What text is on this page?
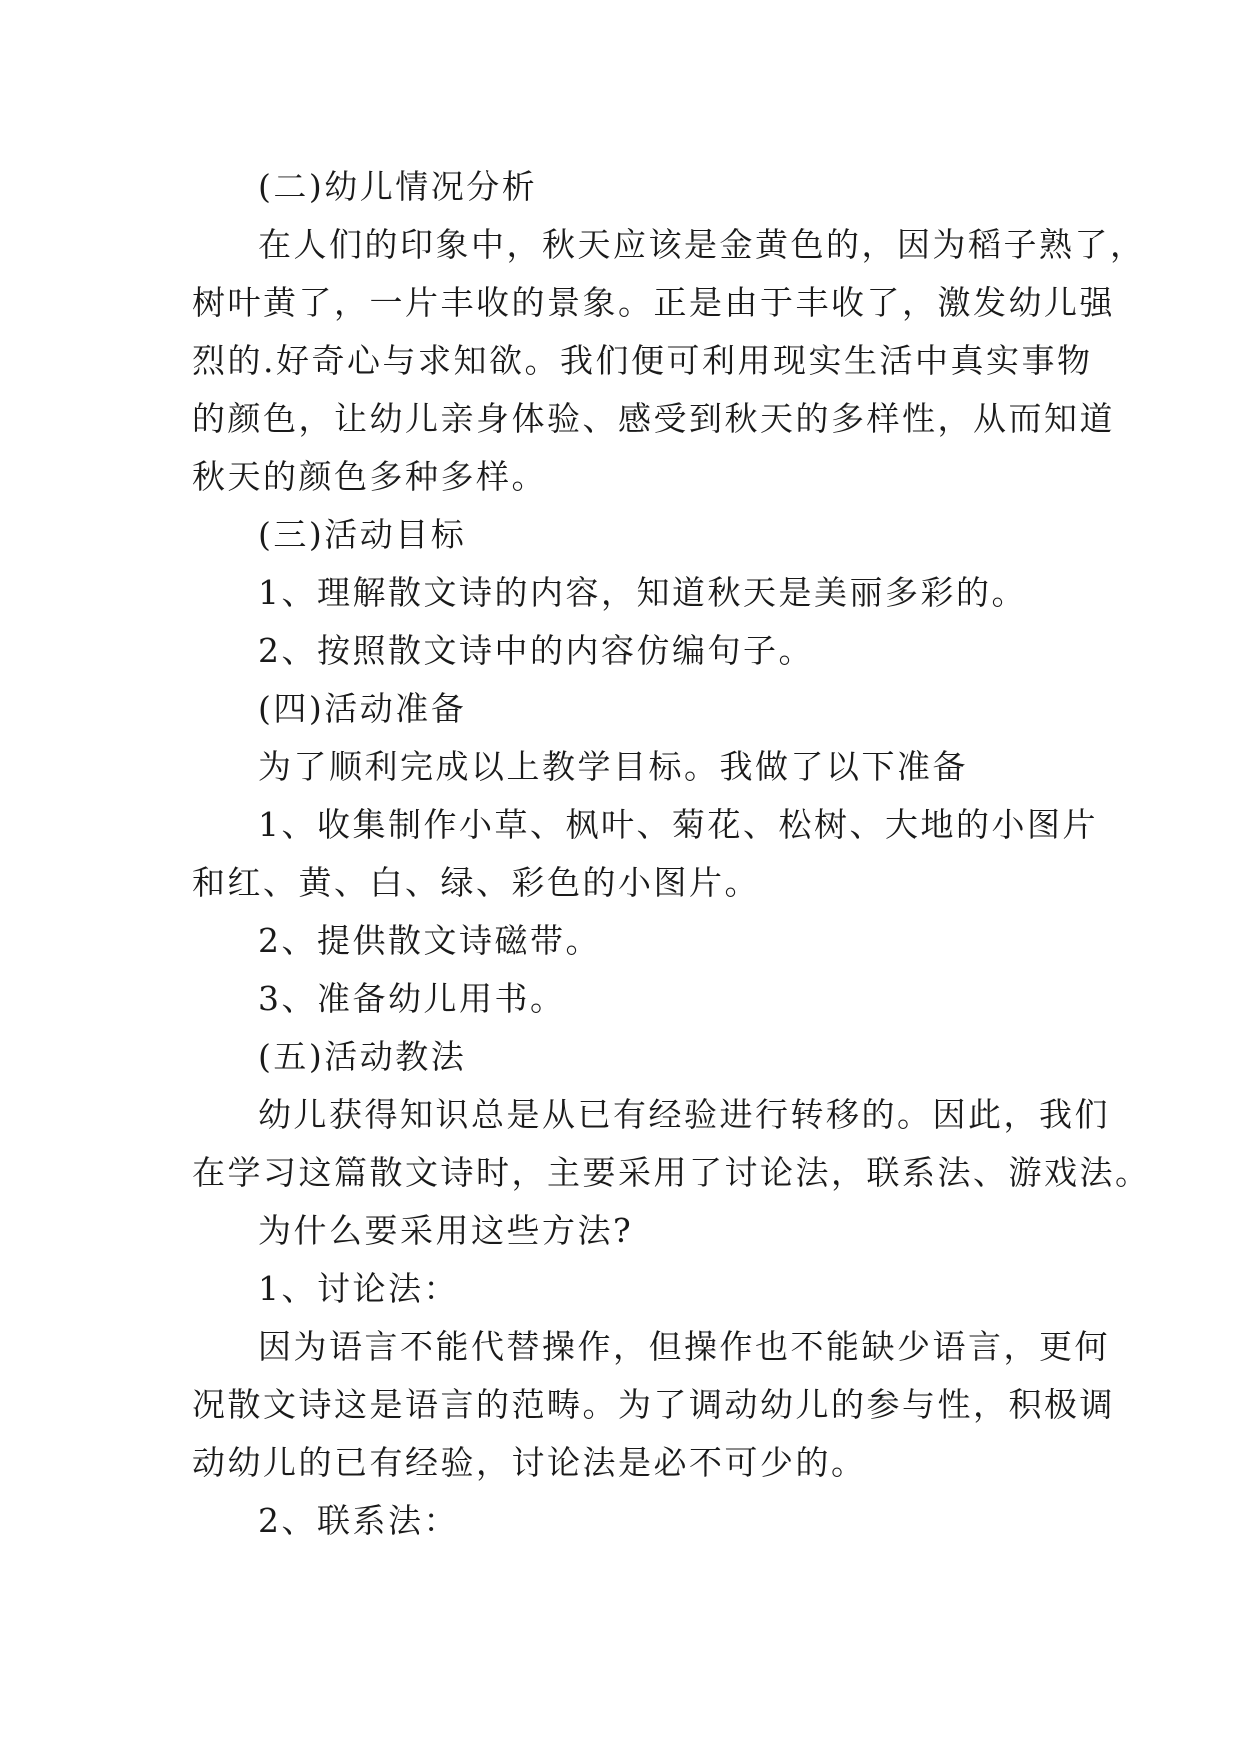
(二)幼儿情况分析
在人们的印象中，秋天应该是金黄色的，因为稻子熟了，
树叶黄了，一片丰收的景象。正是由于丰收了，激发幼儿强
烈的.好奇心与求知欲。我们便可利用现实生活中真实事物
的颜色，让幼儿亲身体验、感受到秋天的多样性，从而知道
秋天的颜色多种多样。
(三)活动目标
1、理解散文诗的内容，知道秋天是美丽多彩的。
2、按照散文诗中的内容仿编句子。
(四)活动准备
为了顺利完成以上教学目标。我做了以下准备
1、收集制作小草、枫叶、菊花、松树、大地的小图片
和红、黄、白、绿、彩色的小图片。
2、提供散文诗磁带。
3、准备幼儿用书。
(五)活动教法
幼儿获得知识总是从已有经验进行转移的。因此，我们
在学习这篇散文诗时，主要采用了讨论法，联系法、游戏法。
为什么要采用这些方法?
1、讨论法：
因为语言不能代替操作，但操作也不能缺少语言，更何
况散文诗这是语言的范畴。为了调动幼儿的参与性，积极调
动幼儿的已有经验，讨论法是必不可少的。
2、联系法：
